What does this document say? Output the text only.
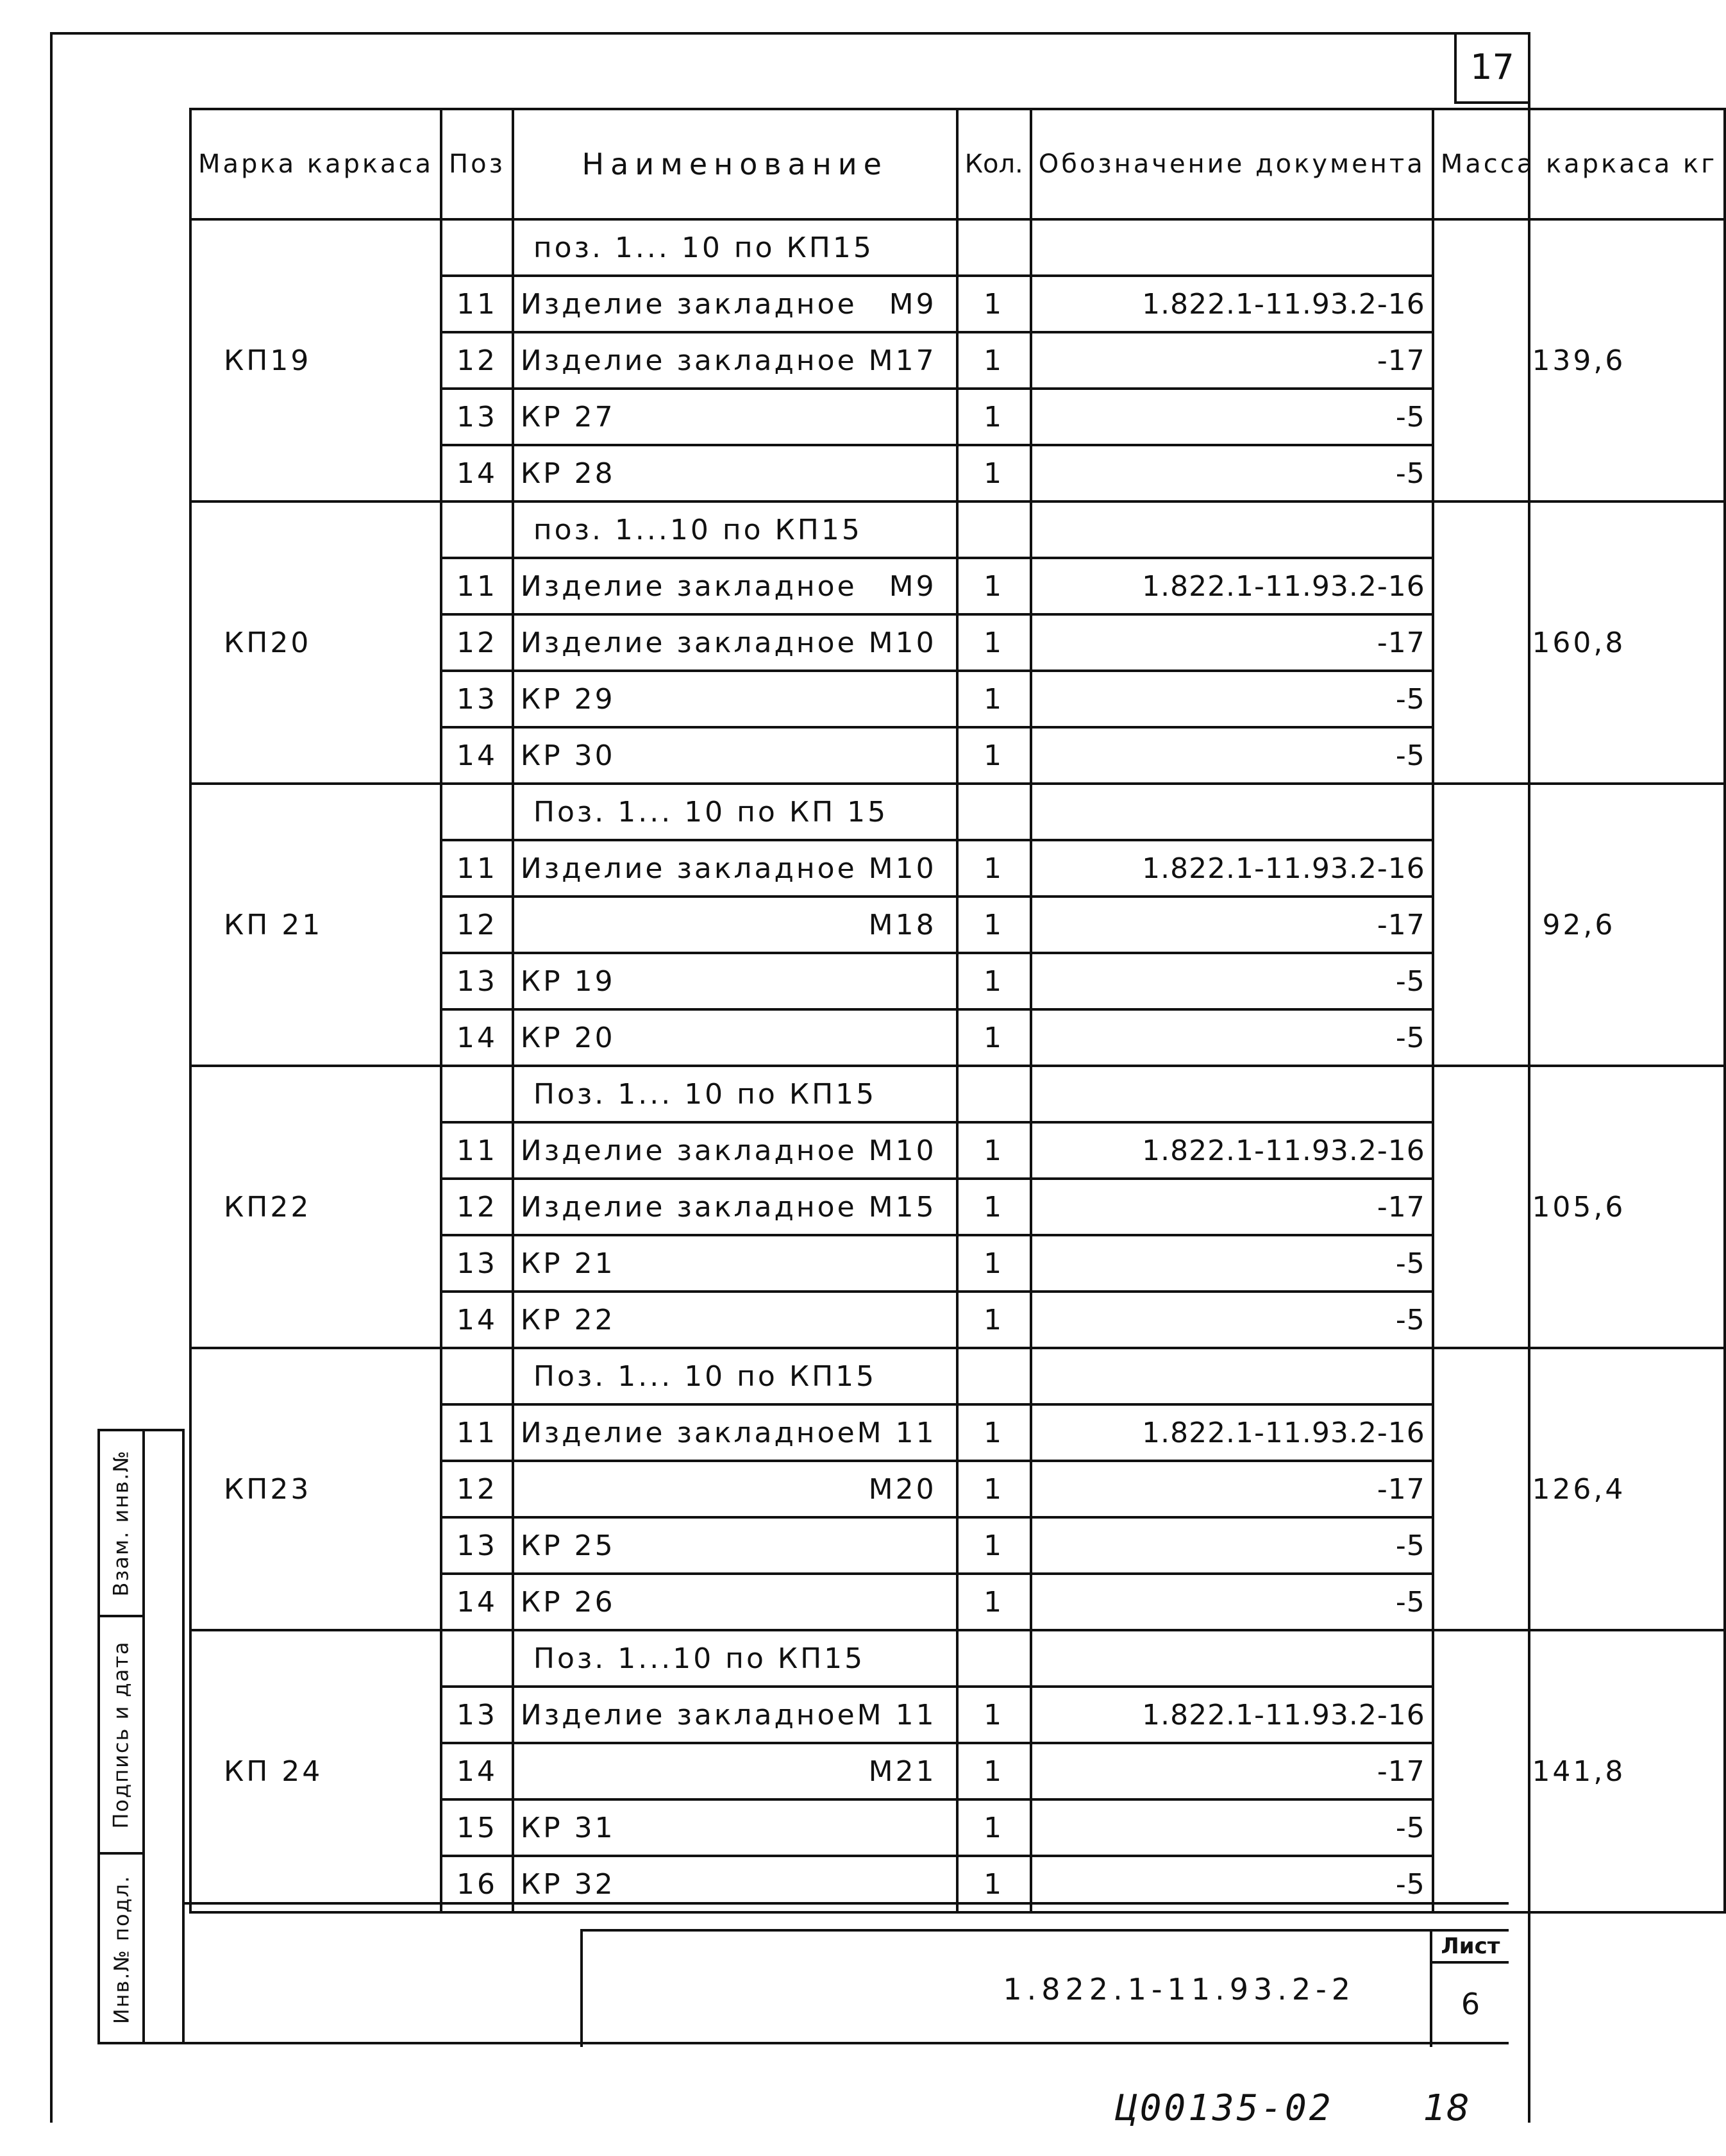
17
Марка каркаса	Поз	Наименование	Кол.	Обозначение документа	Масса каркаса кг
КП19		поз. 1... 10 по КП15			139,6
	11	Изделие закладное М9	1	1.822.1-11.93.2-16	
	12	Изделие закладное М17	1	-17	
	13	КР 27	1	-5	
	14	КР 28	1	-5	
КП20		поз. 1...10 по КП15			160,8
	11	Изделие закладное М9	1	1.822.1-11.93.2-16	
	12	Изделие закладное М10	1	-17	
	13	КР 29	1	-5	
	14	КР 30	1	-5	
КП 21		Поз. 1... 10 по КП 15			92,6
	11	Изделие закладное М10	1	1.822.1-11.93.2-16	
	12	М18	1	-17	
	13	КР 19	1	-5	
	14	КР 20	1	-5	
КП22		Поз. 1... 10 по КП15			105,6
	11	Изделие закладное М10	1	1.822.1-11.93.2-16	
	12	Изделие закладное М15	1	-17	
	13	КР 21	1	-5	
	14	КР 22	1	-5	
КП23		Поз. 1... 10 по КП15			126,4
	11	Изделие закладное М 11	1	1.822.1-11.93.2-16	
	12	М20	1	-17	
	13	КР 25	1	-5	
	14	КР 26	1	-5	
КП 24		Поз. 1...10 по КП15			141,8
	13	Изделие закладное М 11	1	1.822.1-11.93.2-16	
	14	М21	1	-17	
	15	КР 31	1	-5	
	16	КР 32	1	-5	
Взам. инв.№
Подпись и дата
Инв.№ подл.	1.822.1-11.93.2-2
Лист
6
Ц00135-02	18
